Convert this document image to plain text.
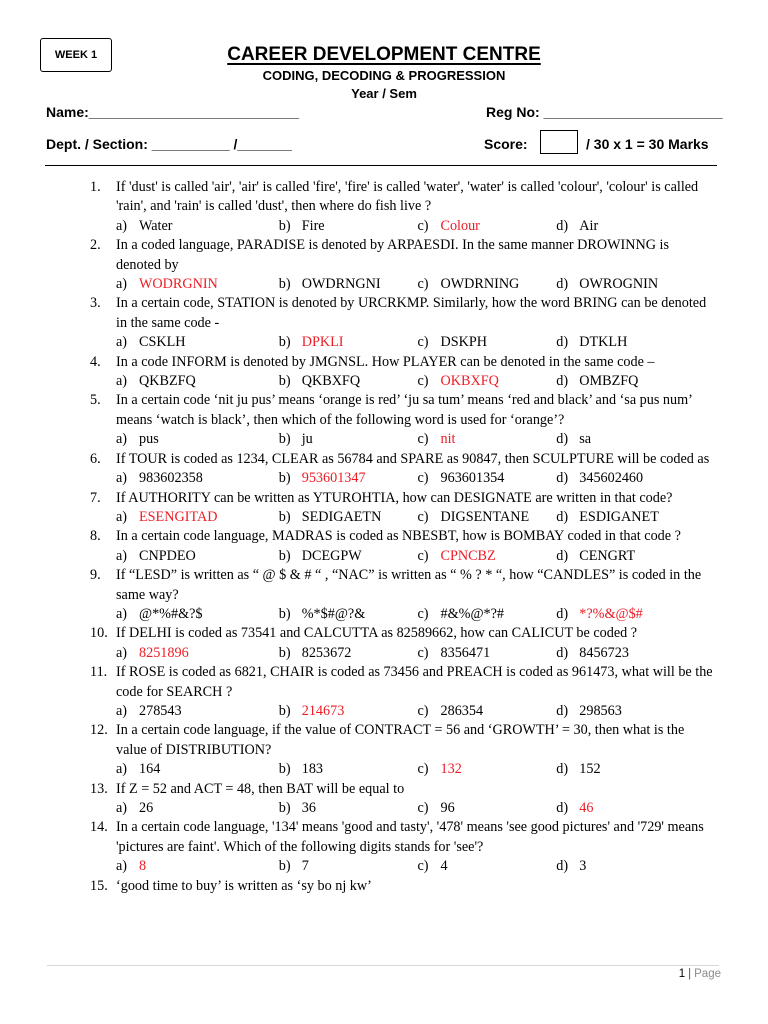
WEEK 1	CAREER DEVELOPMENT CENTRE
CODING, DECODING & PROGRESSION
Year / Sem
Name:___________________________	Reg No: _______________________
Dept. / Section: __________ /_______	Score:	/ 30 x 1 = 30 Marks
1.	If 'dust' is called 'air', 'air' is called 'fire', 'fire' is called 'water', 'water' is called 'colour', 'colour' is called 'rain', and 'rain' is called 'dust', then where do fish live ?
a) Water	b) Fire	c) Colour	d) Air
2.	In a coded language, PARADISE is denoted by ARPAESDI. In the same manner DROWINNG is denoted by
a) WODRGNIN	b) OWDRNGNI	c) OWDRNING	d) OWROGNIN
3.	In a certain code, STATION is denoted by URCRKMP. Similarly, how the word BRING can be denoted in the same code -
a) CSKLH	b) DPKLI	c) DSKPH	d) DTKLH
4.	In a code INFORM is denoted by JMGNSL. How PLAYER can be denoted in the same code –
a) QKBZFQ	b) QKBXFQ	c) OKBXFQ	d) OMBZFQ
5.	In a certain code ‘nit ju pus’ means ‘orange is red’ ‘ju sa tum’ means ‘red and black’ and ‘sa pus num’ means ‘watch is black’, then which of the following word is used for ‘orange’?
a) pus	b) ju	c) nit	d) sa
6.	If TOUR is coded as 1234, CLEAR as 56784 and SPARE as 90847, then SCULPTURE will be coded as
a) 983602358	b) 953601347	c) 963601354	d) 345602460
7.	If AUTHORITY can be written as YTUROHTIA, how can DESIGNATE are written in that code?
a) ESENGITAD	b) SEDIGAETN	c) DIGSENTANE d) ESDIGANET
8.	In a certain code language, MADRAS is coded as NBESBT, how is BOMBAY coded in that code ?
a) CNPDEO	b) DCEGPW	c) CPNCBZ	d) CENGRT
9.	If “LESD” is written as “ @ $ & # “ , “NAC” is written as “ % ? * “, how “CANDLES” is coded in the same way?
a) @*%#&?$	b) %*$#@?&	c) #&%@*?#	d) *?%&@$#
10. If DELHI is coded as 73541 and CALCUTTA as 82589662, how can CALICUT be coded ?
a) 8251896	b) 8253672	c) 8356471	d) 8456723
11. If ROSE is coded as 6821, CHAIR is coded as 73456 and PREACH is coded as 961473, what will be the code for SEARCH ?
a) 278543	b) 214673	c) 286354	d) 298563
12. In a certain code language, if the value of CONTRACT = 56 and ‘GROWTH’ = 30, then what is the value of DISTRIBUTION?
a) 164	b) 183	c) 132	d) 152
13. If Z = 52 and ACT = 48, then BAT will be equal to
a) 26	b) 36	c) 96	d) 46
14. In a certain code language, '134' means 'good and tasty', '478' means 'see good pictures' and '729' means 'pictures are faint'. Which of the following digits stands for 'see'?
a) 8	b) 7	c) 4	d) 3
15. ‘good time to buy’ is written as ‘sy bo nj kw’
1 | Page
